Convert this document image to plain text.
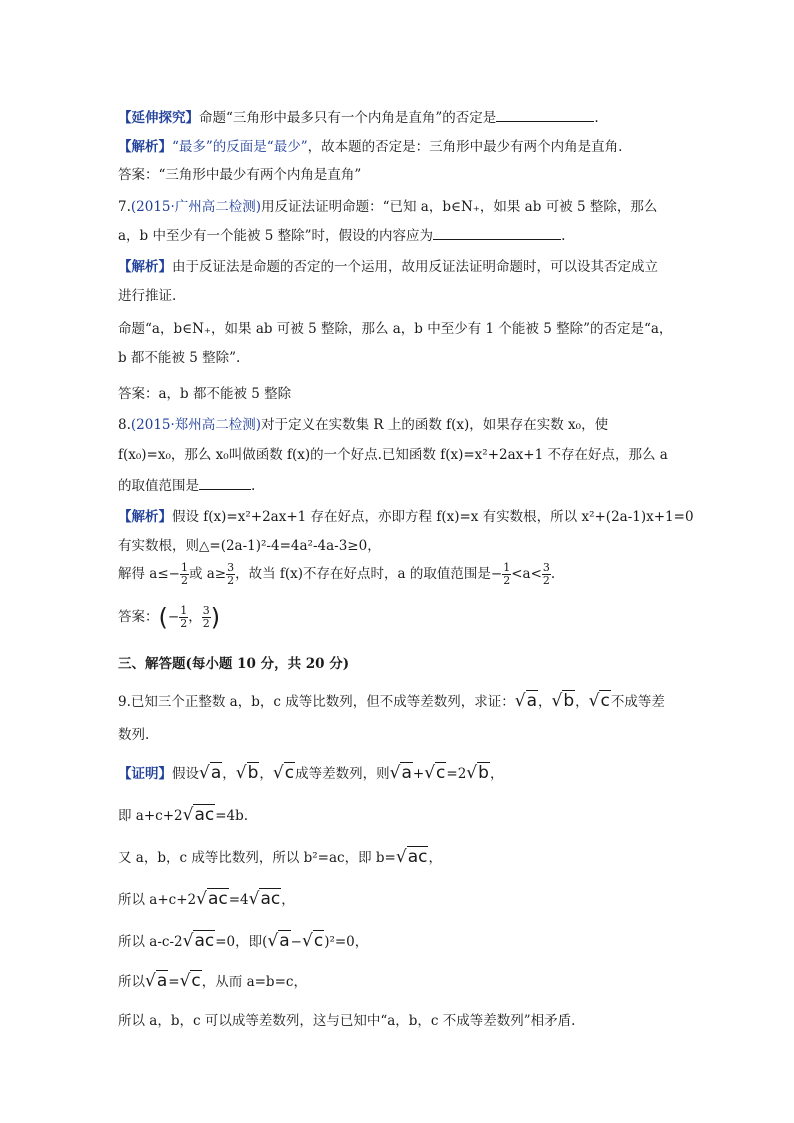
【延伸探究】命题“三角形中最多只有一个内角是直角”的否定是	.
【解析】“最多”的反面是“最少”，故本题的否定是：三角形中最少有两个内角是直角.
答案：“三角形中最少有两个内角是直角”
7.(2015·广州高二检测)用反证法证明命题：“已知 a，b∈N₊，如果 ab 可被 5 整除，那么
a，b 中至少有一个能被 5 整除”时，假设的内容应为	.
【解析】由于反证法是命题的否定的一个运用，故用反证法证明命题时，可以设其否定成立
进行推证.
命题“a，b∈N₊，如果 ab 可被 5 整除，那么 a，b 中至少有 1 个能被 5 整除”的否定是“a，
b 都不能被 5 整除”.
答案：a，b 都不能被 5 整除
8.(2015·郑州高二检测)对于定义在实数集 R 上的函数 f(x)，如果存在实数 x₀，使
f(x₀)=x₀，那么 x₀叫做函数 f(x)的一个好点.已知函数 f(x)=x²+2ax+1 不存在好点，那么 a
的取值范围是	.
【解析】假设 f(x)=x²+2ax+1 存在好点，亦即方程 f(x)=x 有实数根，所以 x²+(2a-1)x+1=0
有实数根，则△=(2a-1)²-4=4a²-4a-3≥0，
解得 $a\le- \frac{1}{2}$ 或 $a\ge \frac{3}{2}$ ，故当 f(x)不存在好点时，a 的取值范围是− $\frac{1}{2} <a< \frac{3}{2}$ .
答案：(− $\frac{1}{2}$ ， $\frac{3}{2}$ )
三、解答题(每小题 10 分，共 20 分)
9.已知三个正整数 a，b，c 成等比数列，但不成等差数列，求证：√a，√b，√c不成等差
数列.
【证明】假设√a，√b，√c成等差数列，则√a+√c=2√b，
即 a+c+2√ac=4b.
又 a，b，c 成等比数列，所以 b²=ac，即 b=√ac，
所以 a+c+2√ac=4√ac，
所以 a-c-2√ac=0，即(√a−√c)²=0，
所以√a=√c，从而 a=b=c，
所以 a，b，c 可以成等差数列，这与已知中“a，b，c 不成等差数列”相矛盾.
